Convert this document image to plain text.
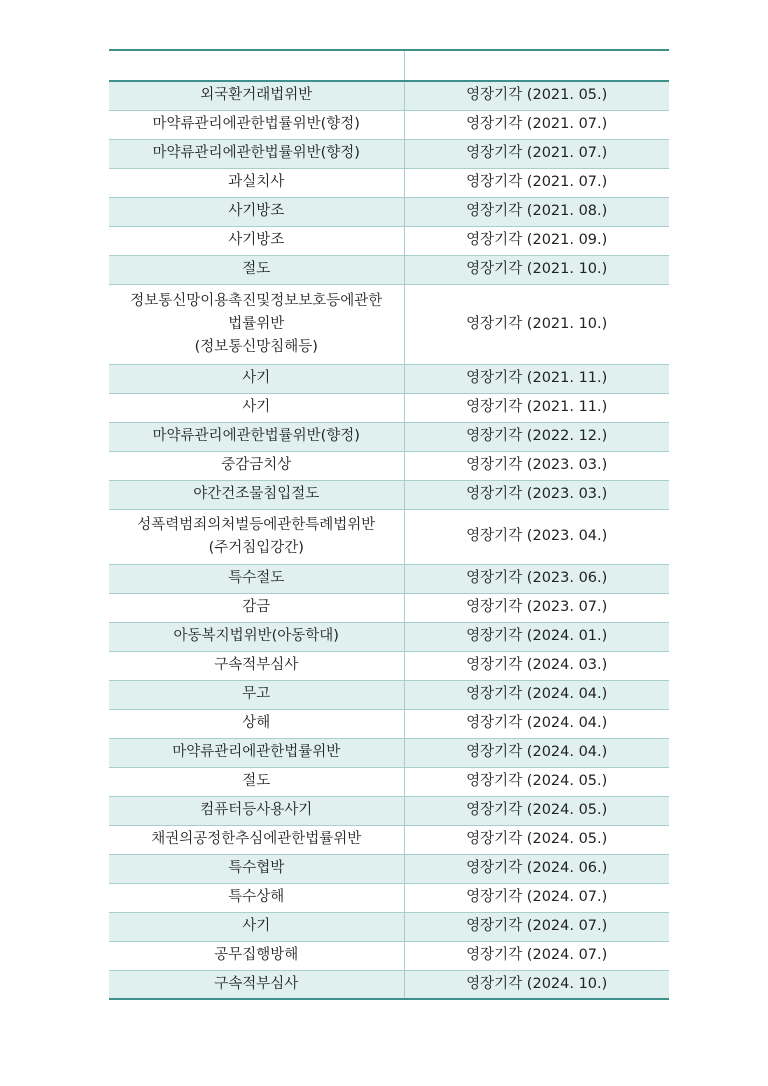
외국환거래법위반	영장기각 (2021. 05.)
마약류관리에관한법률위반(향정)	영장기각 (2021. 07.)
마약류관리에관한법률위반(향정)	영장기각 (2021. 07.)
과실치사	영장기각 (2021. 07.)
사기방조	영장기각 (2021. 08.)
사기방조	영장기각 (2021. 09.)
절도	영장기각 (2021. 10.)
정보통신망이용촉진및정보보호등에관한
법률위반
(정보통신망침해등)	영장기각 (2021. 10.)
사기	영장기각 (2021. 11.)
사기	영장기각 (2021. 11.)
마약류관리에관한법률위반(향정)	영장기각 (2022. 12.)
중감금치상	영장기각 (2023. 03.)
야간건조물침입절도	영장기각 (2023. 03.)
성폭력범죄의처벌등에관한특례법위반
(주거침입강간)	영장기각 (2023. 04.)
특수절도	영장기각 (2023. 06.)
감금	영장기각 (2023. 07.)
아동복지법위반(아동학대)	영장기각 (2024. 01.)
구속적부심사	영장기각 (2024. 03.)
무고	영장기각 (2024. 04.)
상해	영장기각 (2024. 04.)
마약류관리에관한법률위반	영장기각 (2024. 04.)
절도	영장기각 (2024. 05.)
컴퓨터등사용사기	영장기각 (2024. 05.)
채권의공정한추심에관한법률위반	영장기각 (2024. 05.)
특수협박	영장기각 (2024. 06.)
특수상해	영장기각 (2024. 07.)
사기	영장기각 (2024. 07.)
공무집행방해	영장기각 (2024. 07.)
구속적부심사	영장기각 (2024. 10.)
